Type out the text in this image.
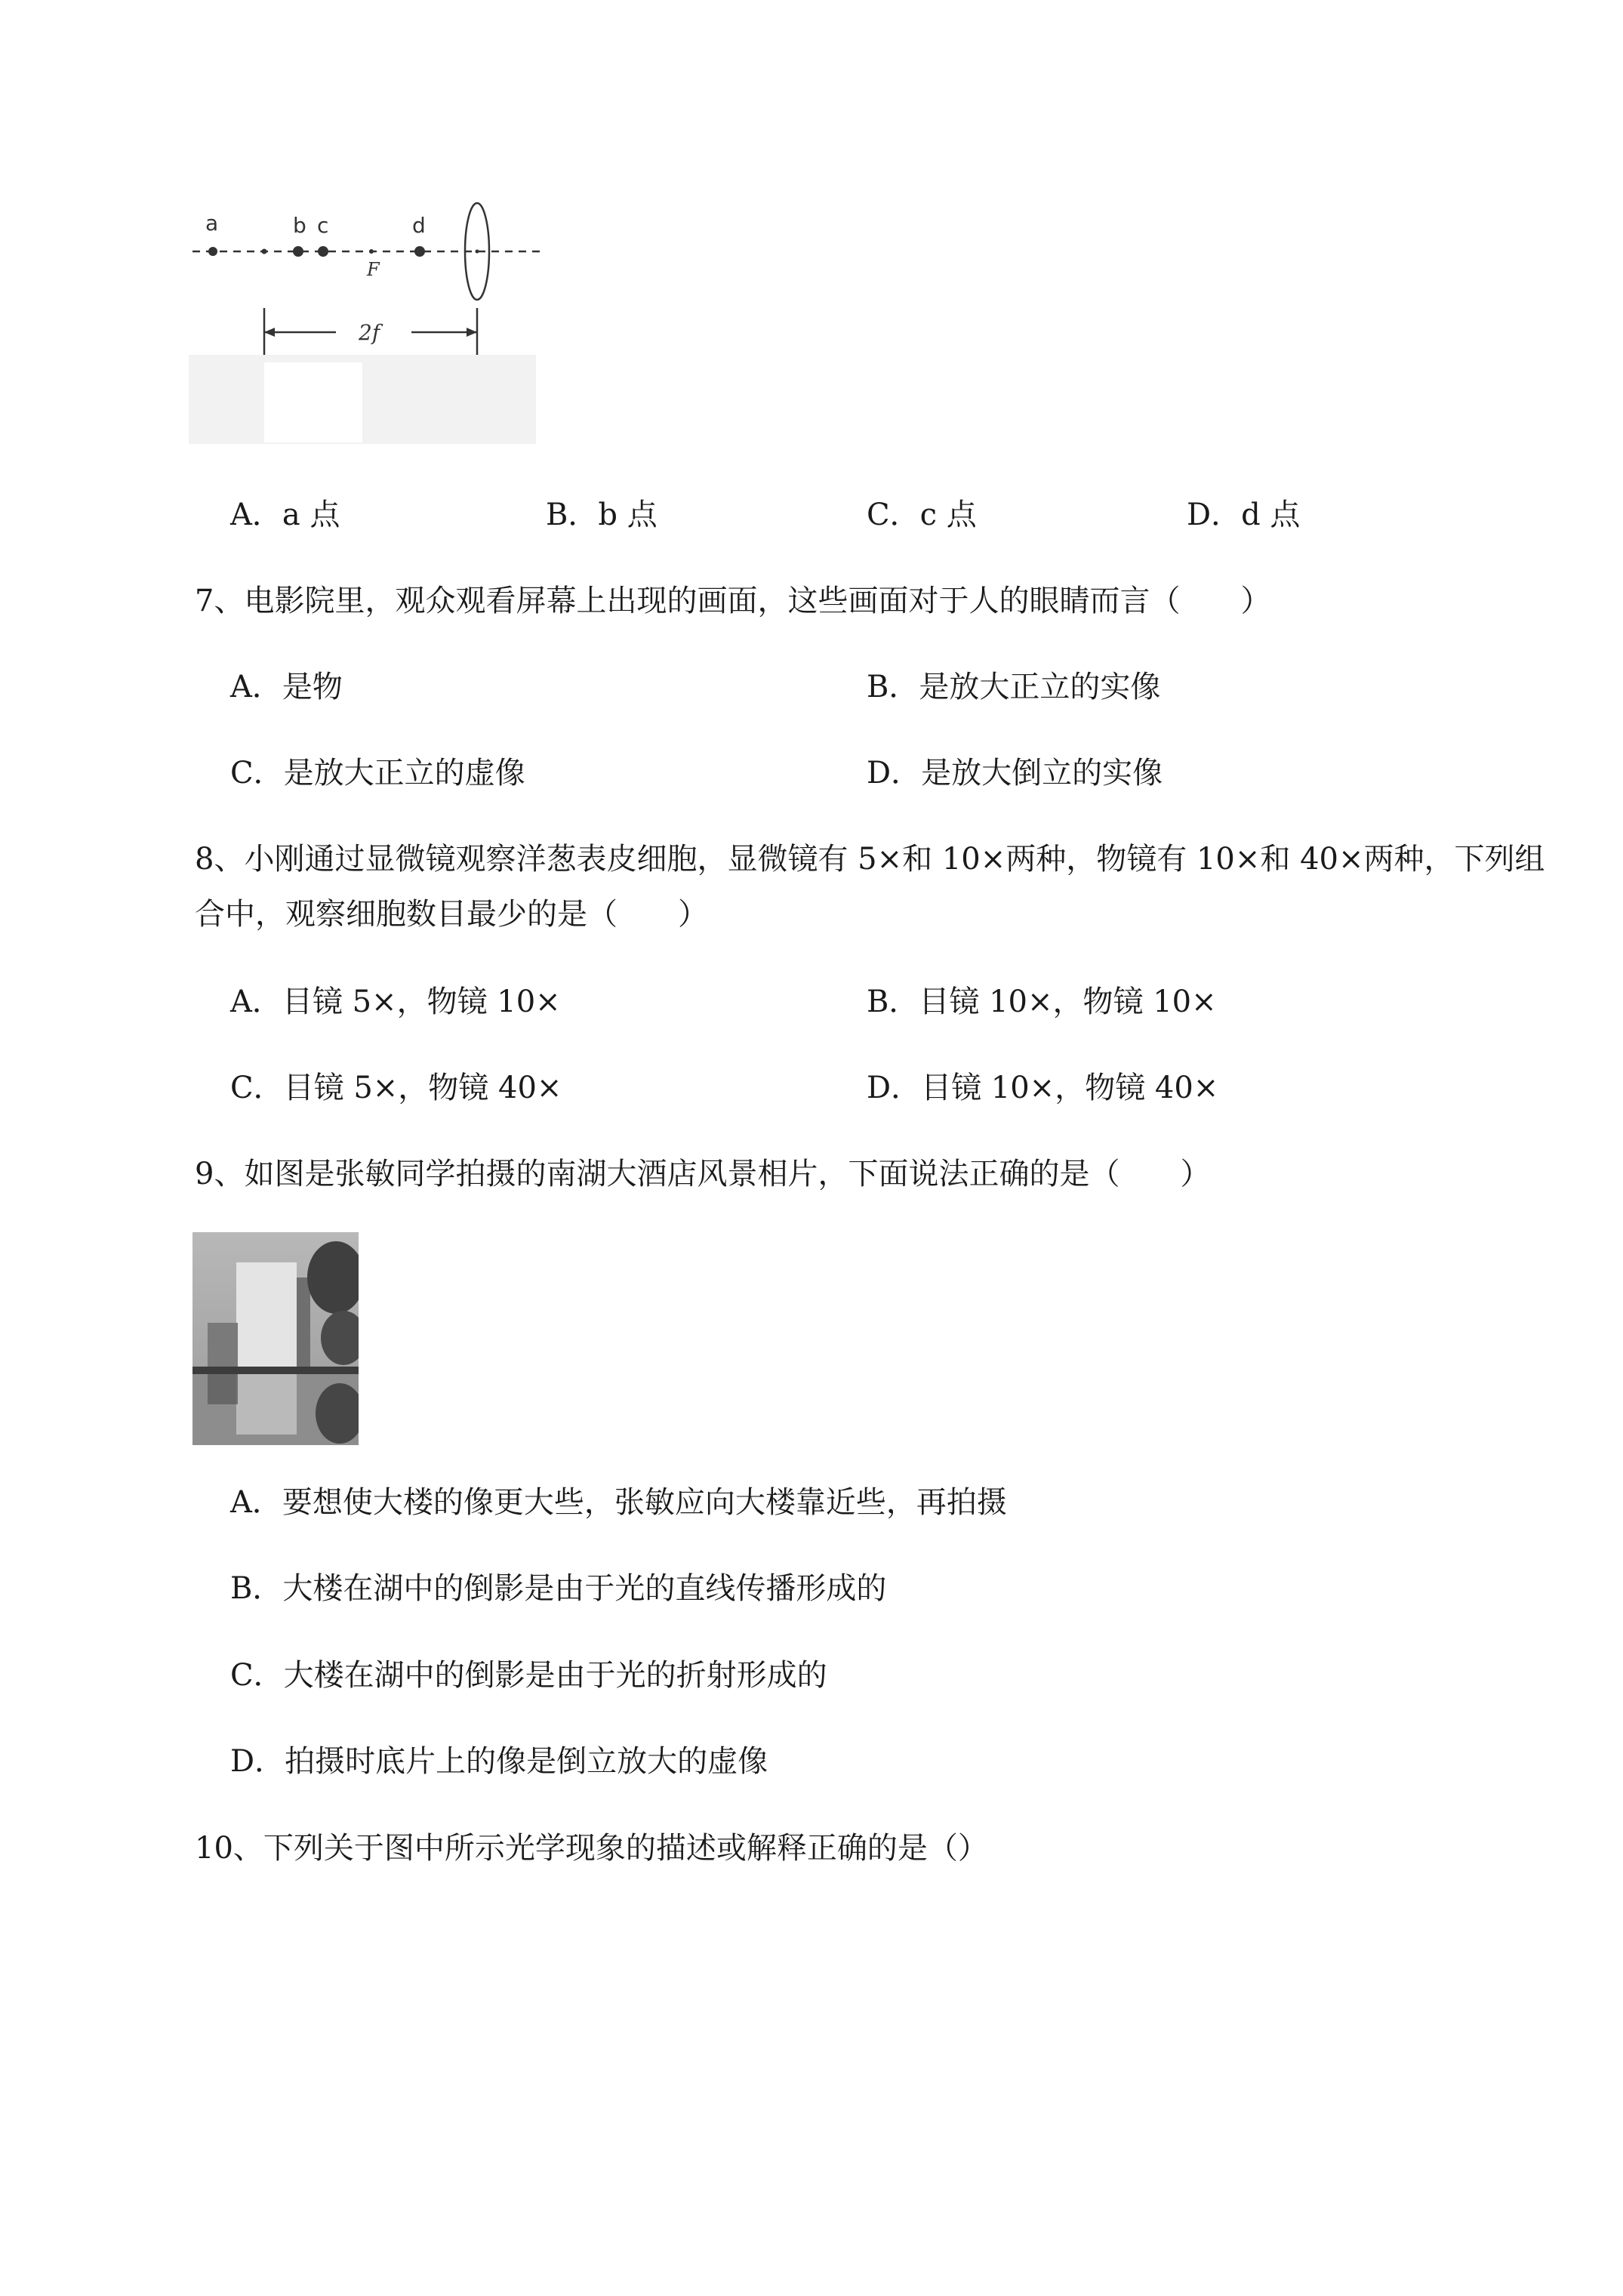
a	b c
F
d
2f
A．a 点	B．b 点	C．c 点	D．d 点
7、电影院里，观众观看屏幕上出现的画面，这些画面对于人的眼睛而言（　　）
A．是物	B．是放大正立的实像
C．是放大正立的虚像	D．是放大倒立的实像
8、小刚通过显微镜观察洋葱表皮细胞，显微镜有 5×和 10×两种，物镜有 10×和 40×两种，下列组
合中，观察细胞数目最少的是（　　）
A．目镜 5×，物镜 10×	B．目镜 10×，物镜 10×
C．目镜 5×，物镜 40×	D．目镜 10×，物镜 40×
9、如图是张敏同学拍摄的南湖大酒店风景相片，下面说法正确的是（　　）
A．要想使大楼的像更大些，张敏应向大楼靠近些，再拍摄
B．大楼在湖中的倒影是由于光的直线传播形成的
C．大楼在湖中的倒影是由于光的折射形成的
D．拍摄时底片上的像是倒立放大的虚像
10、下列关于图中所示光学现象的描述或解释正确的是（）
